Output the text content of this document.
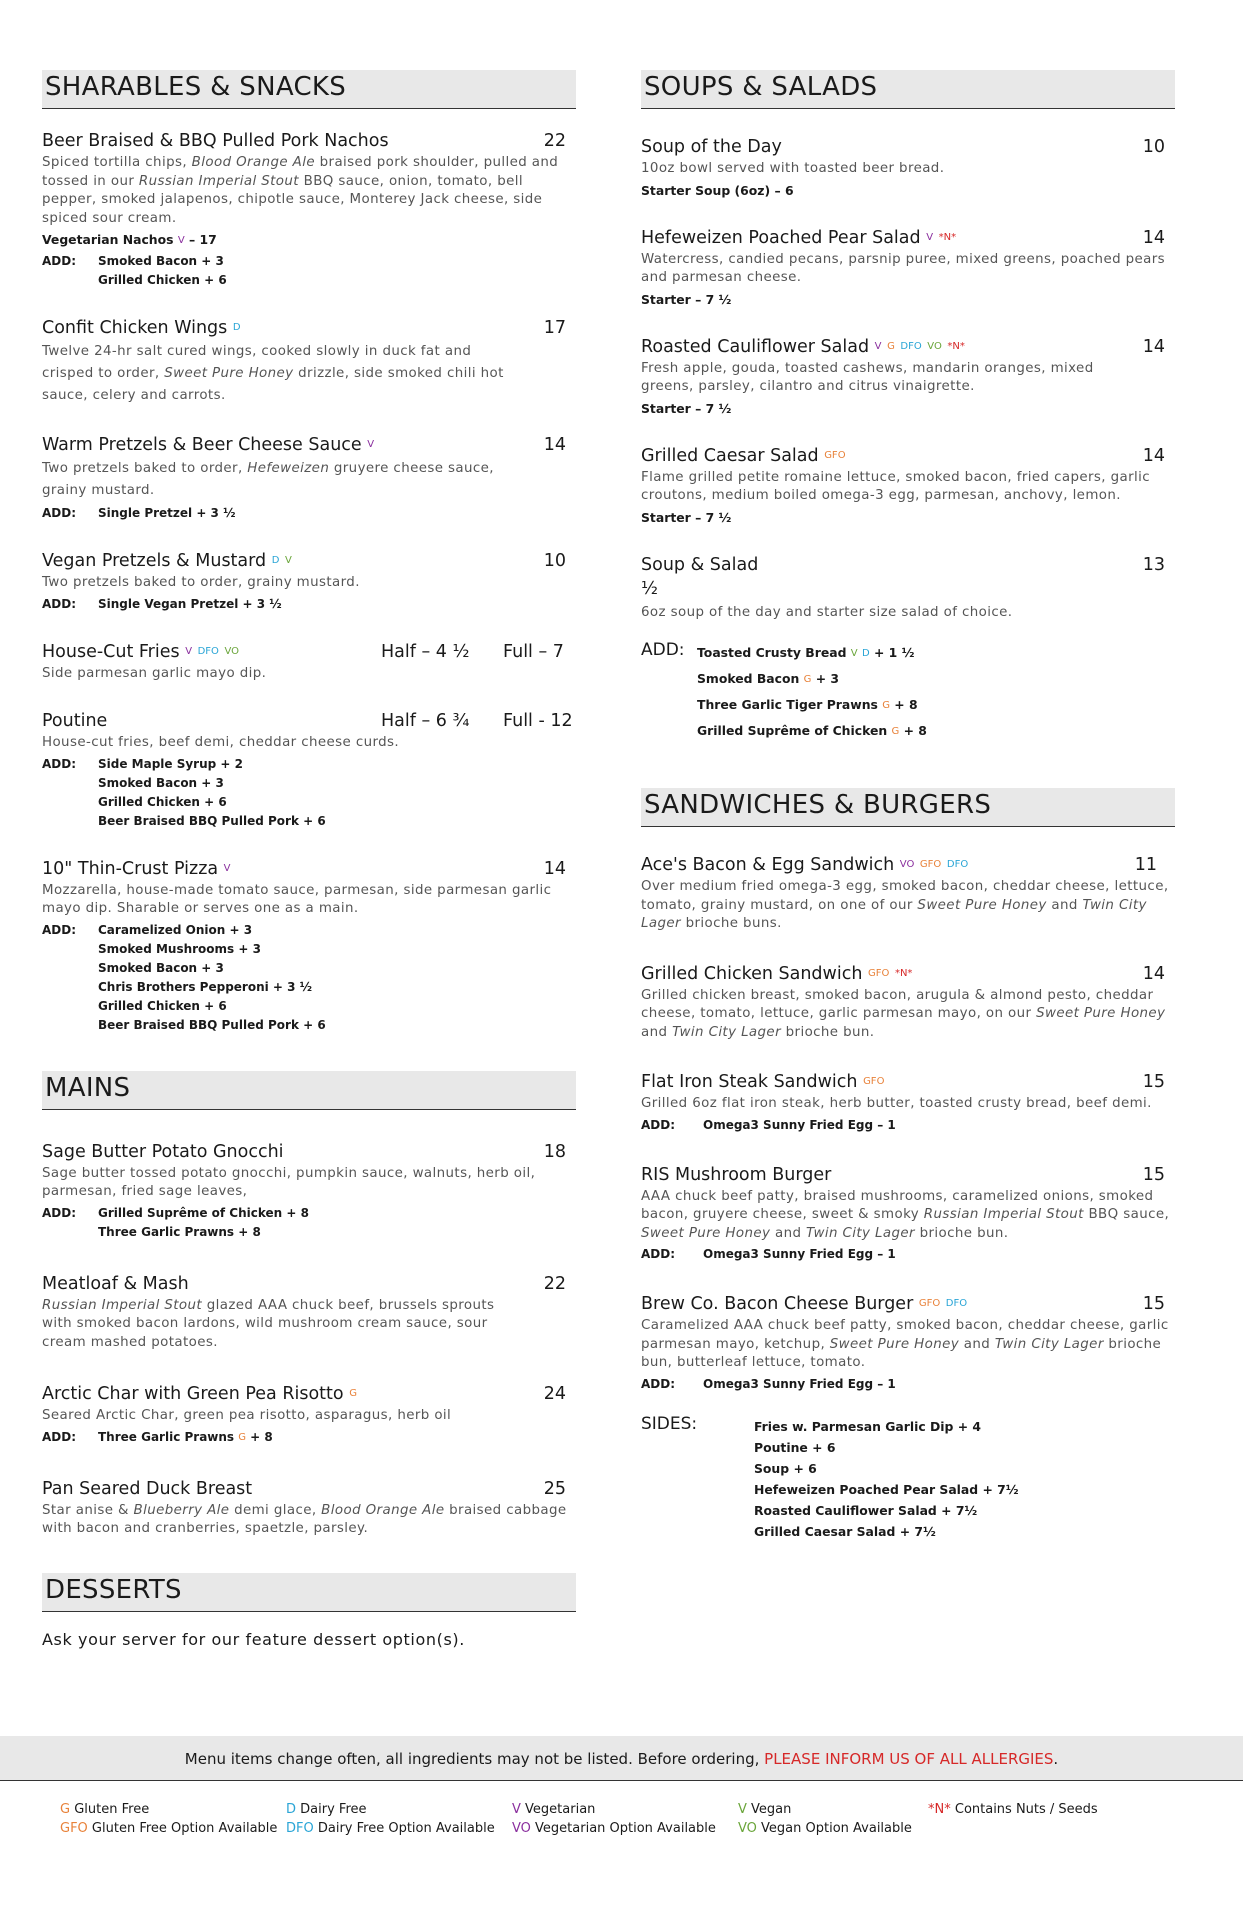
SHARABLES & SNACKS
Beer Braised & BBQ Pulled Pork Nachos	22
Spiced tortilla chips, Blood Orange Ale braised pork shoulder, pulled and tossed in our Russian Imperial Stout BBQ sauce, onion, tomato, bell pepper, smoked jalapenos, chipotle sauce, Monterey Jack cheese, side spiced sour cream.
Vegetarian Nachos V – 17
ADD:	Smoked Bacon + 3
Grilled Chicken + 6
Confit Chicken Wings D	17
Twelve 24-hr salt cured wings, cooked slowly in duck fat and crisped to order, Sweet Pure Honey drizzle, side smoked chili hot sauce, celery and carrots.
Warm Pretzels & Beer Cheese Sauce V	14
Two pretzels baked to order, Hefeweizen gruyere cheese sauce, grainy mustard.
ADD:	Single Pretzel + 3 ½
Vegan Pretzels & Mustard D V	10
Two pretzels baked to order, grainy mustard.
ADD:	Single Vegan Pretzel + 3 ½
House-Cut Fries V DFO VO	Half – 4 ½ Full – 7
Side parmesan garlic mayo dip.
Poutine	Half – 6 ¾ Full - 12
House-cut fries, beef demi, cheddar cheese curds.
ADD:	Side Maple Syrup + 2
Smoked Bacon + 3
Grilled Chicken + 6
Beer Braised BBQ Pulled Pork + 6
10" Thin-Crust Pizza V	14
Mozzarella, house-made tomato sauce, parmesan, side parmesan garlic mayo dip. Sharable or serves one as a main.
ADD:	Caramelized Onion + 3
Smoked Mushrooms + 3
Smoked Bacon + 3
Chris Brothers Pepperoni + 3 ½
Grilled Chicken + 6
Beer Braised BBQ Pulled Pork + 6
MAINS
Sage Butter Potato Gnocchi	18
Sage butter tossed potato gnocchi, pumpkin sauce, walnuts, herb oil, parmesan, fried sage leaves,
ADD:	Grilled Suprême of Chicken + 8
Three Garlic Prawns + 8
Meatloaf & Mash	22
Russian Imperial Stout glazed AAA chuck beef, brussels sprouts with smoked bacon lardons, wild mushroom cream sauce, sour cream mashed potatoes.
Arctic Char with Green Pea Risotto G	24
Seared Arctic Char, green pea risotto, asparagus, herb oil
ADD:	Three Garlic Prawns G + 8
Pan Seared Duck Breast	25
Star anise & Blueberry Ale demi glace, Blood Orange Ale braised cabbage with bacon and cranberries, spaetzle, parsley.
DESSERTS
Ask your server for our feature dessert option(s).
SOUPS & SALADS
Soup of the Day	10
10oz bowl served with toasted beer bread.
Starter Soup (6oz) – 6
Hefeweizen Poached Pear Salad V *N*	14
Watercress, candied pecans, parsnip puree, mixed greens, poached pears and parmesan cheese.
Starter – 7 ½
Roasted Cauliflower Salad V G DFO VO *N*	14
Fresh apple, gouda, toasted cashews, mandarin oranges, mixed greens, parsley, cilantro and citrus vinaigrette.
Starter – 7 ½
Grilled Caesar Salad GFO	14
Flame grilled petite romaine lettuce, smoked bacon, fried capers, garlic croutons, medium boiled omega-3 egg, parmesan, anchovy, lemon.
Starter – 7 ½
Soup & Salad	13
½
6oz soup of the day and starter size salad of choice.
ADD:	Toasted Crusty Bread V D + 1 ½
Smoked Bacon G + 3
Three Garlic Tiger Prawns G + 8
Grilled Suprême of Chicken G + 8
SANDWICHES & BURGERS
Ace's Bacon & Egg Sandwich VO GFO DFO	11
Over medium fried omega-3 egg, smoked bacon, cheddar cheese, lettuce, tomato, grainy mustard, on one of our Sweet Pure Honey and Twin City Lager brioche buns.
Grilled Chicken Sandwich GFO *N*	14
Grilled chicken breast, smoked bacon, arugula & almond pesto, cheddar cheese, tomato, lettuce, garlic parmesan mayo, on our Sweet Pure Honey and Twin City Lager brioche bun.
Flat Iron Steak Sandwich GFO	15
Grilled 6oz flat iron steak, herb butter, toasted crusty bread, beef demi.
ADD:	Omega3 Sunny Fried Egg – 1
RIS Mushroom Burger	15
AAA chuck beef patty, braised mushrooms, caramelized onions, smoked bacon, gruyere cheese, sweet & smoky Russian Imperial Stout BBQ sauce, Sweet Pure Honey and Twin City Lager brioche bun.
ADD:	Omega3 Sunny Fried Egg – 1
Brew Co. Bacon Cheese Burger GFO DFO	15
Caramelized AAA chuck beef patty, smoked bacon, cheddar cheese, garlic parmesan mayo, ketchup, Sweet Pure Honey and Twin City Lager brioche bun, butterleaf lettuce, tomato.
ADD:	Omega3 Sunny Fried Egg – 1
SIDES:	Fries w. Parmesan Garlic Dip + 4
Poutine + 6
Soup + 6
Hefeweizen Poached Pear Salad + 7½
Roasted Cauliflower Salad + 7½
Grilled Caesar Salad + 7½
Menu items change often, all ingredients may not be listed. Before ordering, PLEASE INFORM US OF ALL ALLERGIES.
G Gluten Free
GFO Gluten Free Option Available
D Dairy Free
DFO Dairy Free Option Available
V Vegetarian
VO Vegetarian Option Available
V Vegan
VO Vegan Option Available
*N* Contains Nuts / Seeds
